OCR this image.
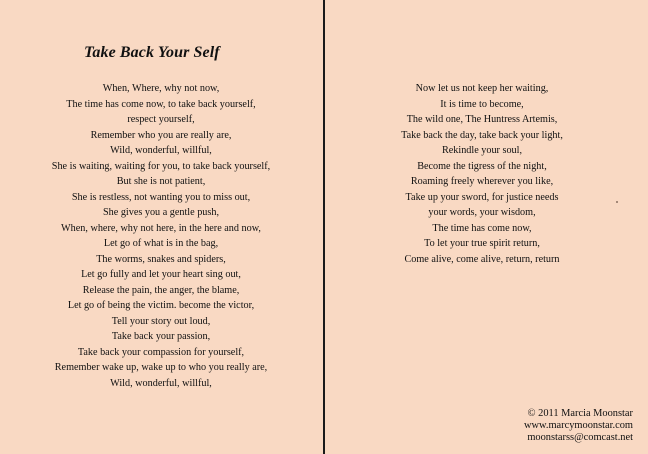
Take Back Your Self
When, Where, why not now,
The time has come now, to take back yourself,
respect yourself,
Remember who you are really are,
Wild, wonderful, willful,
She is waiting, waiting for you, to take back yourself,
But she is not patient,
She is restless, not wanting you to miss out,
She gives you a gentle push,
When, where, why not here, in the here and now,
Let go of what is in the bag,
The worms, snakes and spiders,
Let go fully and let your heart sing out,
Release the pain, the anger, the blame,
Let go of being the victim. become the victor,
Tell your story out loud,
Take back your passion,
Take back your compassion for yourself,
Remember wake up, wake up to who you really are,
Wild, wonderful, willful,
Now let us not keep her waiting,
It is time to become,
The wild one, The Huntress Artemis,
Take back the day, take back your light,
Rekindle your soul,
Become the tigress of the night,
Roaming freely wherever you like,
Take up your sword, for justice needs
your words, your wisdom,
The time has come now,
To let your true spirit return,
Come alive, come alive, return, return
© 2011 Marcia Moonstar
www.marcymoonstar.com
moonstarss@comcast.net
